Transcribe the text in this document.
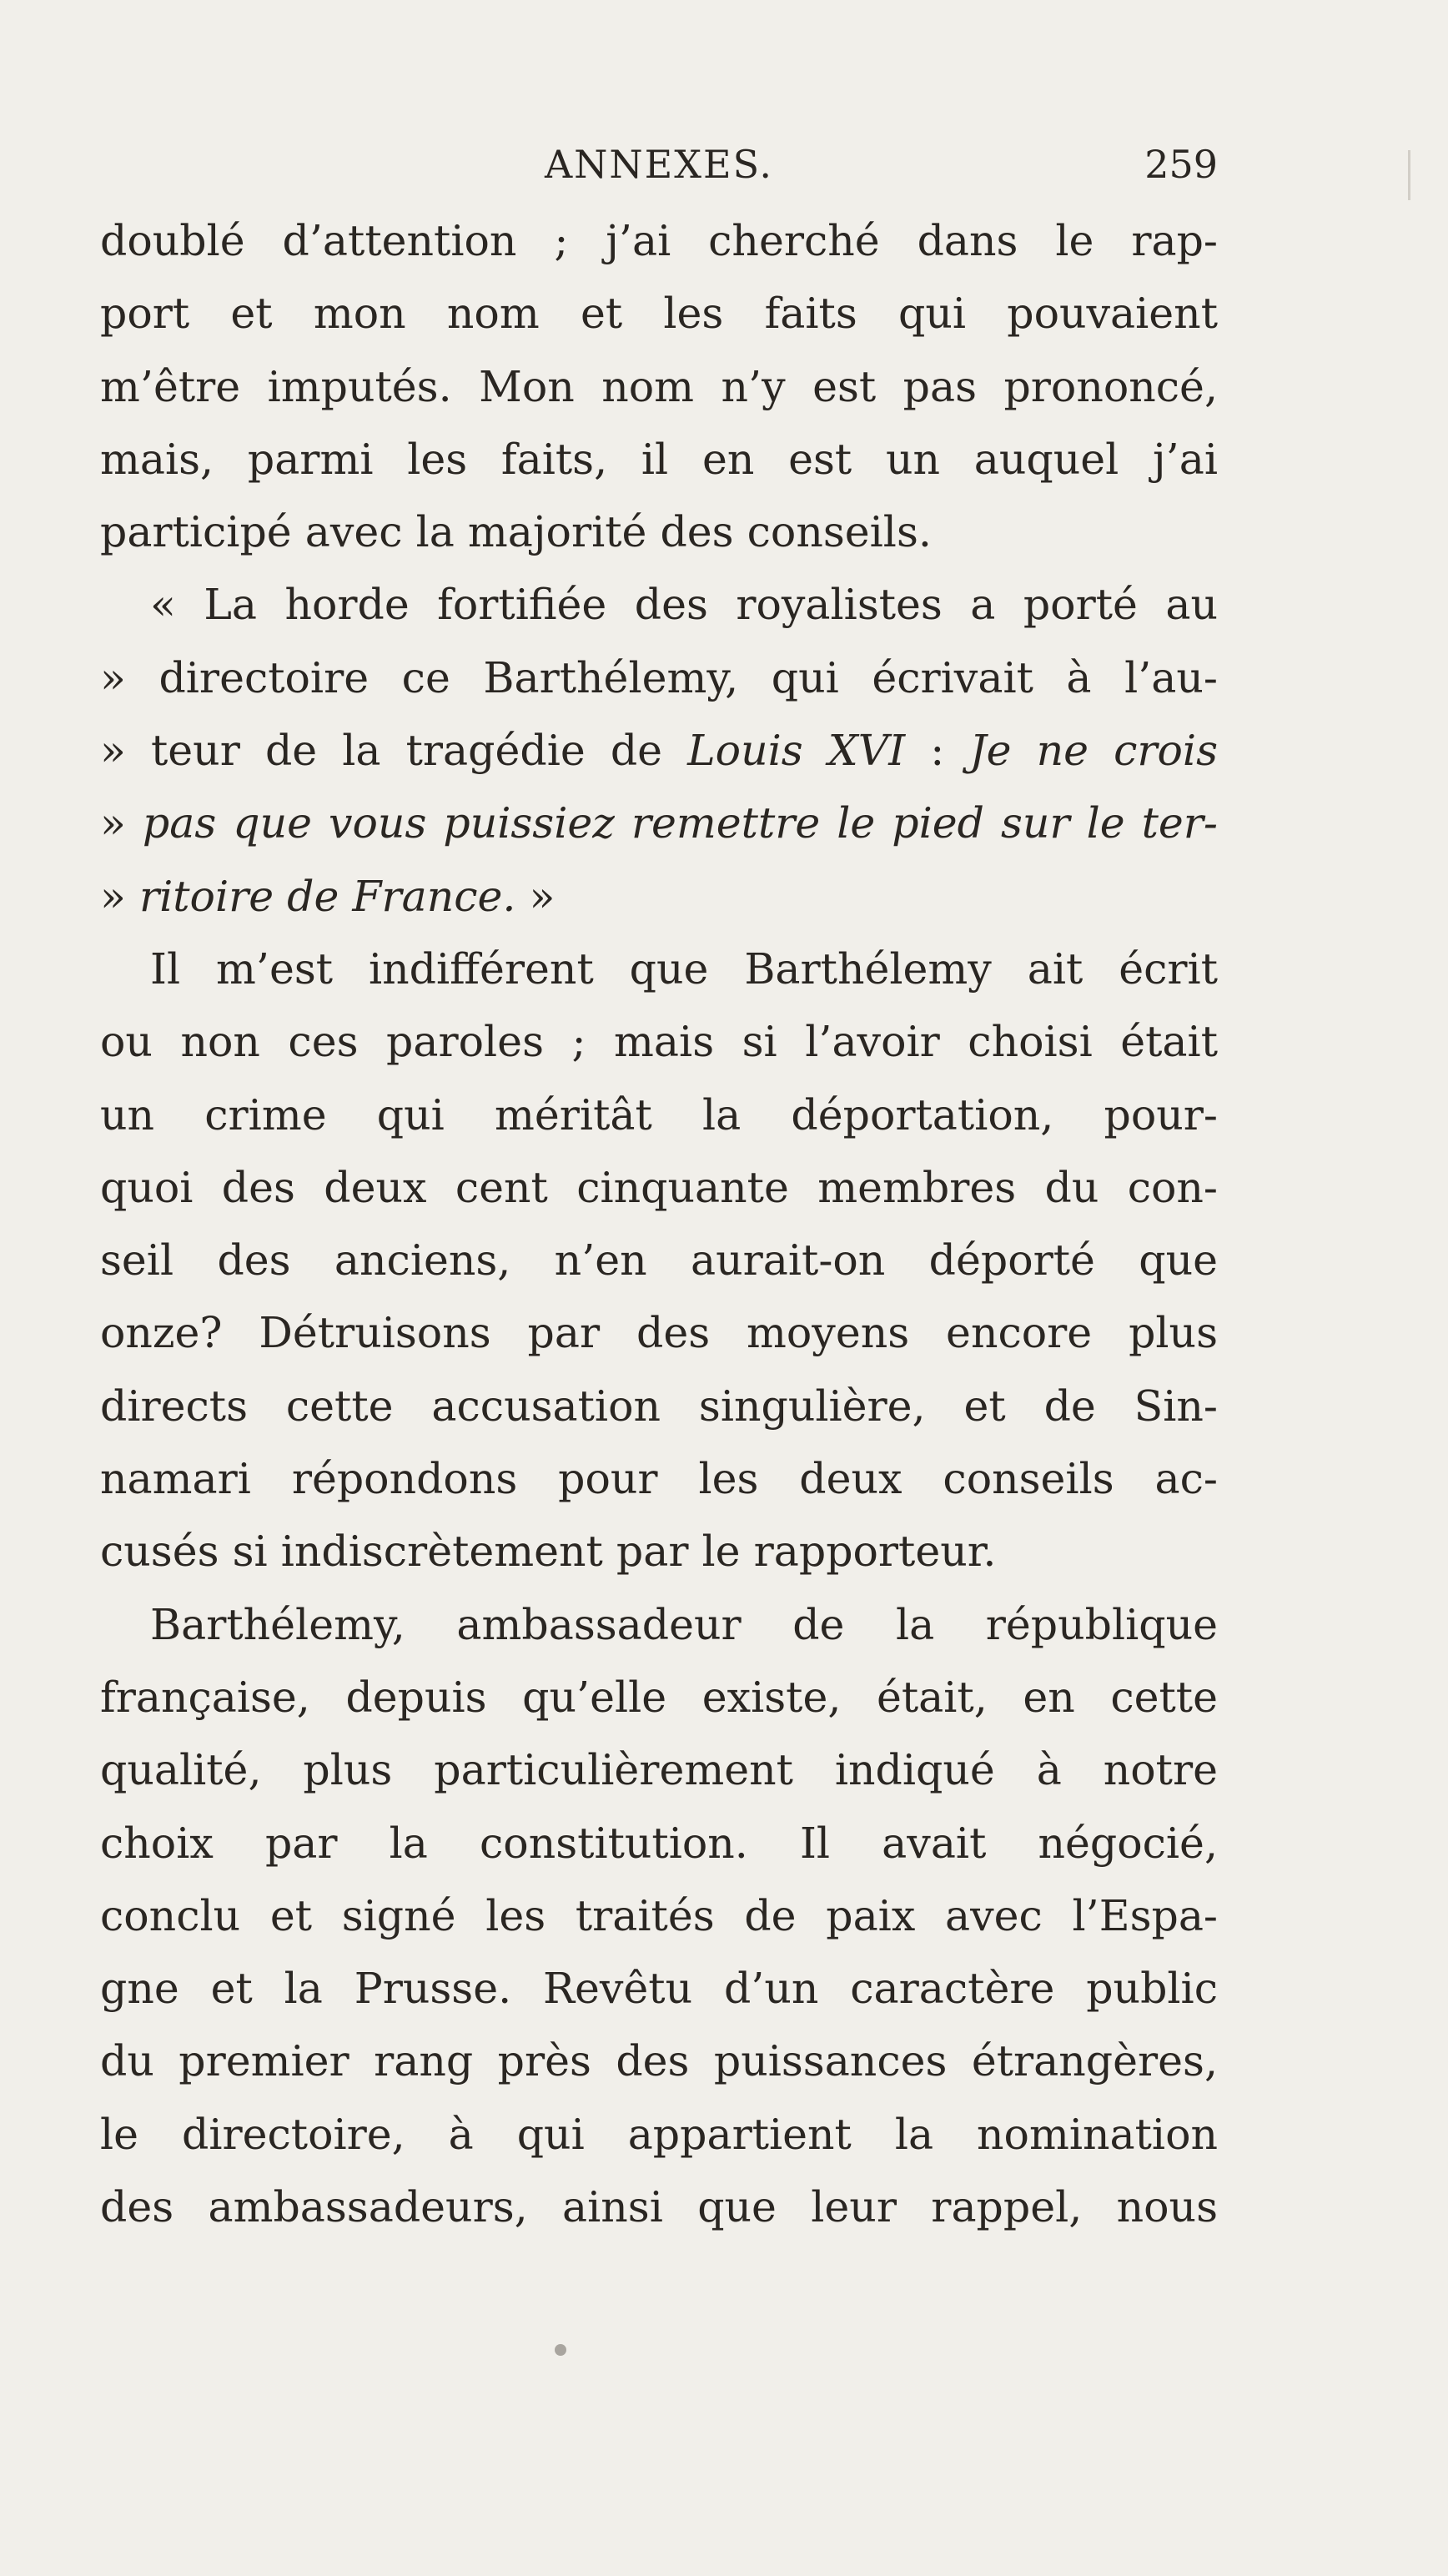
ANNEXES.	259
doublé d’attention ; j’ai cherché dans le rap-
port et mon nom et les faits qui pouvaient
m’être imputés. Mon nom n’y est pas prononcé,
mais, parmi les faits, il en est un auquel j’ai
participé avec la majorité des conseils.
« La horde fortifiée des royalistes a porté au
» directoire ce Barthélemy, qui écrivait à l’au-
» teur de la tragédie de Louis XVI : Je ne crois
» pas que vous puissiez remettre le pied sur le ter-
» ritoire de France. »
Il m’est indifférent que Barthélemy ait écrit
ou non ces paroles ; mais si l’avoir choisi était
un crime qui méritât la déportation, pour-
quoi des deux cent cinquante membres du con-
seil des anciens, n’en aurait-on déporté que
onze? Détruisons par des moyens encore plus
directs cette accusation singulière, et de Sin-
namari répondons pour les deux conseils ac-
cusés si indiscrètement par le rapporteur.
Barthélemy, ambassadeur de la république
française, depuis qu’elle existe, était, en cette
qualité, plus particulièrement indiqué à notre
choix par la constitution. Il avait négocié,
conclu et signé les traités de paix avec l’Espa-
gne et la Prusse. Revêtu d’un caractère public
du premier rang près des puissances étrangères,
le directoire, à qui appartient la nomination
des ambassadeurs, ainsi que leur rappel, nous
